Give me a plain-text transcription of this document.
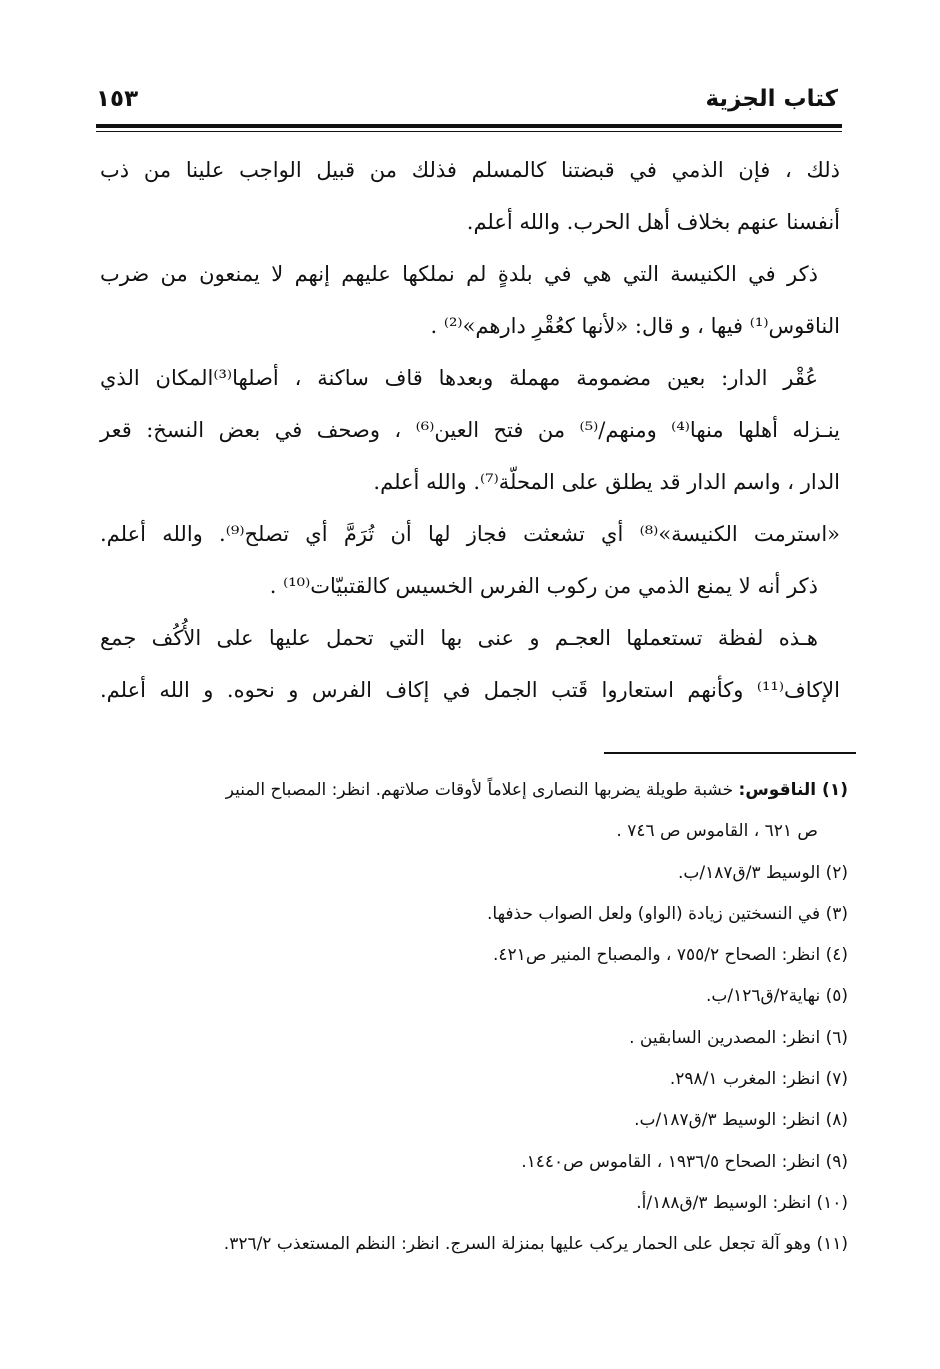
كتاب الجزية
١٥٣
ذلك ، فإن الذمي في قبضتنا كالمسلم فذلك من قبيل الواجب علينا من ذب
أنفسنا عنهم بخلاف أهل الحرب. والله أعلم.
ذكر في الكنيسة التي هي في بلدةٍ لم نملكها عليهم إنهم لا يمنعون من ضرب
الناقوس⁽¹⁾ فيها ، و قال: «لأنها كعُقْرِ دارهم»⁽²⁾ .
عُقْر الدار: بعين مضمومة مهملة وبعدها قاف ساكنة ، أصلها⁽³⁾المكان الذي
ينـزله أهلها منها⁽⁴⁾ ومنهم/⁽⁵⁾ من فتح العين⁽⁶⁾ ، وصحف في بعض النسخ: قعر
الدار ، واسم الدار قد يطلق على المحلّة⁽⁷⁾. والله أعلم.
«استرمت الكنيسة»⁽⁸⁾ أي تشعثت فجاز لها أن تُرَمَّ أي تصلح⁽⁹⁾. والله أعلم.
ذكر أنه لا يمنع الذمي من ركوب الفرس الخسيس كالقتبيّات⁽¹⁰⁾ .
هـذه لفظة تستعملها العجـم و عنى بها التي تحمل عليها على الأُكُف جمع
الإكاف⁽¹¹⁾ وكأنهم استعاروا قَتب الجمل في إكاف الفرس و نحوه. و الله أعلم.
(١) الناقوس: خشبة طويلة يضربها النصارى إعلاماً لأوقات صلاتهم. انظر: المصباح المنير
ص ٦٢١ ، القاموس ص ٧٤٦ .
(٢) الوسيط ٣/ق١٨٧/ب.
(٣) في النسختين زيادة (الواو) ولعل الصواب حذفها.
(٤) انظر: الصحاح ٧٥٥/٢ ، والمصباح المنير ص٤٢١.
(٥) نهاية٢/ق١٢٦/ب.
(٦) انظر: المصدرين السابقين .
(٧) انظر: المغرب ٢٩٨/١.
(٨) انظر: الوسيط ٣/ق١٨٧/ب.
(٩) انظر: الصحاح ١٩٣٦/٥ ، القاموس ص١٤٤٠.
(١٠) انظر: الوسيط ٣/ق١٨٨/أ.
(١١) وهو آلة تجعل على الحمار يركب عليها بمنزلة السرج. انظر: النظم المستعذب ٣٢٦/٢.
